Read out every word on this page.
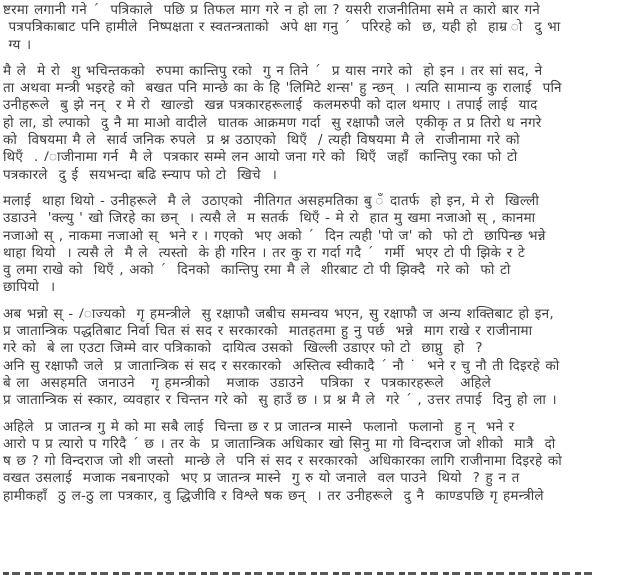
ष्टरमा लगानी गने ˊ  पत्रिकाले  पछि प्र तिफल माग गरे न हो ला ? यसरी राजनीतिमा समे त कारो बार गने
पत्रपत्रिकाबाट पनि हामीले  निष्पक्षता र स्वतन्त्रताको  अपे क्षा गनु ˊ  परिरहे को  छ, यही हो  हाम्र ो  दु भा
ग्य ।
मै ले  मे रो  शु भचिन्तकको  रुपमा कान्तिपु रको  गु न तिने ˊ  प्र यास नगरे को  हो इन । तर सां सद, ने
ता अथवा मन्त्री भइरहे को  बखत पनि मान्छे का के हि 'लिमिटे शन्स' हु न्छन्  । त्यति सामान्य कु रालाई  पनि
उनीहरूले  बु झे नन्  र मे रो  खाल्डो  खन्न पत्रकारहरूलाई  कलमरुपी को दाल थमाए । तपाई लाई  याद
हो ला, डो ल्पाको  दु नै मा माओ वादीले  घातक आक्रमण गर्दा  सु रक्षाफौ जले  एकीकृ त प्र तिरो ध नगरे
को  विषयमा मै ले  सार्व जनिक रुपले  प्र श्न उठाएको  थिएँ  / त्यही विषयमा मै ले  राजीनामा गरे को
थिएँ  . /ाजीनामा गर्न  मै ले  पत्रकार सम्मे लन आयो जना गरे को  थिएँ  जहाँ  कान्तिपु रका फो टो
पत्रकारले  दु ई  सयभन्दा बढि स्न्याप फो टो  खिचे  ।
मलाई  थाहा थियो - उनीहरूले  मै ले  उठाएको  नीतिगत असहमतिका बु ँ दातर्फ  हो इन, मे रो  खिल्ली
उडाउने  'क्ल्यु ' खो जिरहे का छन्  । त्यसै ले  म सतर्क  थिएँ - मे रो  हात मु खमा नजाओ स् , कानमा
नजाओ स् , नाकमा नजाओ स्  भने र । गएको  भए अको ˊ  दिन त्यही 'पो ज' को  फो टो  छापिन्छ भन्ने
थाहा थियो  । त्यसै ले  मै ले  त्यस्तो  के ही गरिन । तर कु रा गर्दा गदै ˊ  गर्मी  भएर टो पी झिके र टे
वु लमा राखे को  थिएँ , अको ˊ  दिनको  कान्तिपु रमा मै ले  शीरबाट टो पी झिक्दै  गरे को  फो टो
छापियो  ।
अब भन्नो स् - /ाज्यको  गृ हमन्त्रीले  सु रक्षाफौ जबीच समन्वय भएन, सु रक्षाफौ ज अन्य शक्तिबाट हो इन,
प्र जातान्त्रिक पद्धतिबाट निर्वा चित सं सद र सरकारको  मातहतमा हु नु पर्छ  भन्ने  माग राखे र राजीनामा
गरे को  बे ला एउटा जिम्मे वार पत्रिकाको  दायित्व उसको  खिल्ली उडाएर फो टो  छाप्नु  हो  ?
अनि सु रक्षाफौ जले  प्र जातान्त्रिक सं सद र सरकारको  अस्तित्व स्वीकादै ˊ नौ ˙  भने र चु नौ ती दिइरहे को
बे ला  असहमति  जनाउने   गृ हमन्त्रीको   मजाक  उडाउने   पत्रिका  र  पत्रकारहरूले   अहिले
प्र जातान्त्रिक सं स्कार, व्यवहार र चिन्तन गरे को  सु हाउँ छ । प्र श्न मै ले  गरे ˊ , उत्तर तपाई  दिनु हो ला ।
अहिले  प्र जातन्त्र गु मे को मा सबै लाई  चिन्ता छ र प्र जातन्त्र मास्ने  फलानो  फलानो  हु न्  भने र
आरो प प्र त्यारो प गरिदै ˊ छ । तर के  प्र जातान्त्रिक अधिकार खो सिनु मा गो विन्दराज जो शीको  मात्रै  दो
ष छ ? गो विन्दराज जो शी जस्तो  मान्छे ले  पनि सं सद र सरकारको  अधिकारका लागि राजीनामा दिइरहे को
वखत उसलाई  मजाक नबनाएको  भए प्र जातन्त्र मास्ने  गु रु यो जनाले  वल पाउने  थियो  ? हु न त
हामीकहाँ  ठु ल-ठु ला पत्रकार, वु द्धिजीवि र विश्ले षक छन्  । तर उनीहरूले  दु नै  काण्डपछि गृ हमन्त्रीले
